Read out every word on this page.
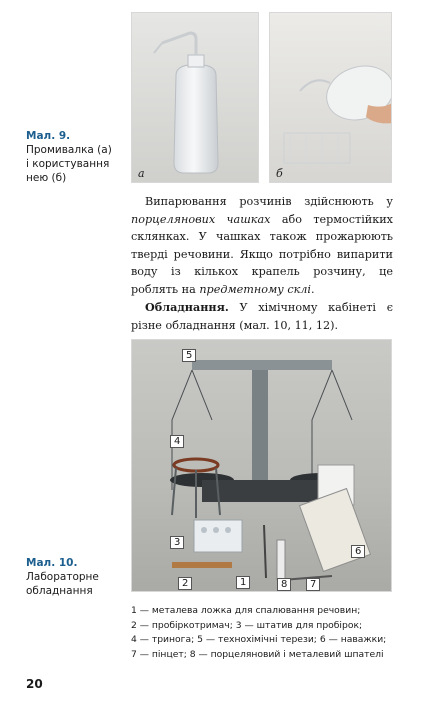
а	б
Мал. 9.
Промивалка (а)
і користування
нею (б)

Випарювання розчинів здійснюють у порцелянових чашках або термостійких склянках. У чашках також прожарюють тверді речовини. Якщо потрібно випарити воду із кількох крапель розчину, це роблять на предметному склі.

Обладнання. У хімічному кабінеті є різне обладнання (мал. 10, 11, 12).

5
4
3
2	1	8	7
6
Мал. 10.
Лабораторне
обладнання
1 — металева ложка для спалювання речовин;
2 — пробіркотримач; 3 — штатив для пробірок;
4 — тринога; 5 — технохімічні терези; 6 — наважки;
7 — пінцет; 8 — порцеляновий і металевий шпателі
20
